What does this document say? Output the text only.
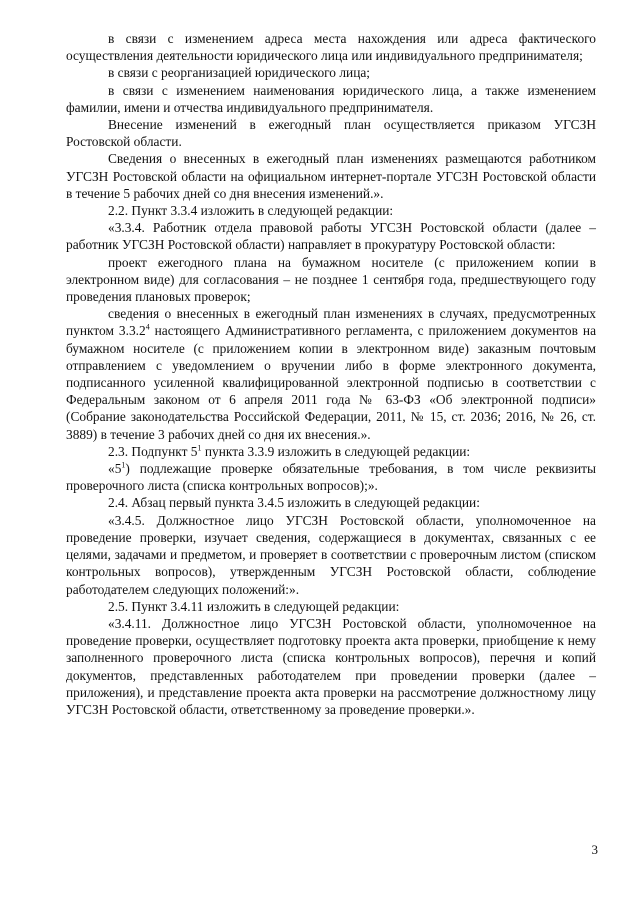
в связи с изменением адреса места нахождения или адреса фактического осуществления деятельности юридического лица или индивидуального предпринимателя;

в связи с реорганизацией юридического лица;

в связи с изменением наименования юридического лица, а также изменением фамилии, имени и отчества индивидуального предпринимателя.

Внесение изменений в ежегодный план осуществляется приказом УГСЗН Ростовской области.

Сведения о внесенных в ежегодный план изменениях размещаются работником УГСЗН Ростовской области на официальном интернет-портале УГСЗН Ростовской области в течение 5 рабочих дней со дня внесения изменений.».

2.2. Пункт 3.3.4 изложить в следующей редакции:

«3.3.4. Работник отдела правовой работы УГСЗН Ростовской области (далее – работник УГСЗН Ростовской области) направляет в прокуратуру Ростовской области:

проект ежегодного плана на бумажном носителе (с приложением копии в электронном виде) для согласования – не позднее 1 сентября года, предшествующего году проведения плановых проверок;

сведения о внесенных в ежегодный план изменениях в случаях, предусмотренных пунктом 3.3.2$^4$ настоящего Административного регламента, с приложением документов на бумажном носителе (с приложением копии в электронном виде) заказным почтовым отправлением с уведомлением о вручении либо в форме электронного документа, подписанного усиленной квалифицированной электронной подписью в соответствии с Федеральным законом от 6 апреля 2011 года № 63-ФЗ «Об электронной подписи» (Собрание законодательства Российской Федерации, 2011, № 15, ст. 2036; 2016, № 26, ст. 3889) в течение 3 рабочих дней со дня их внесения.».

2.3. Подпункт $5^1$ пункта 3.3.9 изложить в следующей редакции:

«$5^1$) подлежащие проверке обязательные требования, в том числе реквизиты проверочного листа (списка контрольных вопросов);».

2.4. Абзац первый пункта 3.4.5 изложить в следующей редакции:

«3.4.5. Должностное лицо УГСЗН Ростовской области, уполномоченное на проведение проверки, изучает сведения, содержащиеся в документах, связанных с ее целями, задачами и предметом, и проверяет в соответствии с проверочным листом (списком контрольных вопросов), утвержденным УГСЗН Ростовской области, соблюдение работодателем следующих положений:».

2.5. Пункт 3.4.11 изложить в следующей редакции:

«3.4.11. Должностное лицо УГСЗН Ростовской области, уполномоченное на проведение проверки, осуществляет подготовку проекта акта проверки, приобщение к нему заполненного проверочного листа (списка контрольных вопросов), перечня и копий документов, представленных работодателем при проведении проверки (далее – приложения), и представление проекта акта проверки на рассмотрение должностному лицу УГСЗН Ростовской области, ответственному за проведение проверки.».

3
